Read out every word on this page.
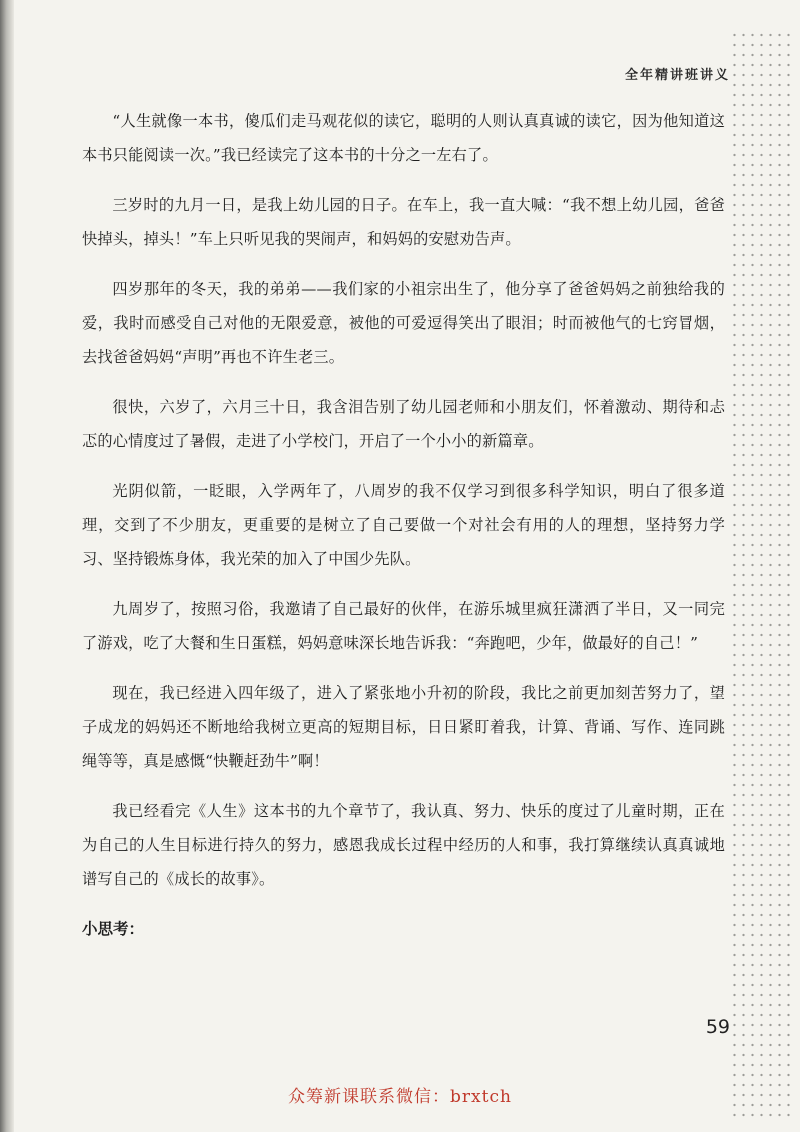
全年精讲班讲义

“人生就像一本书，傻瓜们走马观花似的读它，聪明的人则认真真诚的读它，因为他知道这本书只能阅读一次。”我已经读完了这本书的十分之一左右了。

三岁时的九月一日，是我上幼儿园的日子。在车上，我一直大喊：“我不想上幼儿园，爸爸快掉头，掉头！”车上只听见我的哭闹声，和妈妈的安慰劝告声。

四岁那年的冬天，我的弟弟——我们家的小祖宗出生了，他分享了爸爸妈妈之前独给我的爱，我时而感受自己对他的无限爱意，被他的可爱逗得笑出了眼泪；时而被他气的七窍冒烟，去找爸爸妈妈“声明”再也不许生老三。

很快，六岁了，六月三十日，我含泪告别了幼儿园老师和小朋友们，怀着激动、期待和忐忑的心情度过了暑假，走进了小学校门，开启了一个小小的新篇章。

光阴似箭，一眨眼，入学两年了，八周岁的我不仅学习到很多科学知识，明白了很多道理，交到了不少朋友，更重要的是树立了自己要做一个对社会有用的人的理想，坚持努力学习、坚持锻炼身体，我光荣的加入了中国少先队。

九周岁了，按照习俗，我邀请了自己最好的伙伴，在游乐城里疯狂潇洒了半日，又一同完了游戏，吃了大餐和生日蛋糕，妈妈意味深长地告诉我：“奔跑吧，少年，做最好的自己！”

现在，我已经进入四年级了，进入了紧张地小升初的阶段，我比之前更加刻苦努力了，望子成龙的妈妈还不断地给我树立更高的短期目标，日日紧盯着我，计算、背诵、写作、连同跳绳等等，真是感慨“快鞭赶劲牛”啊！

我已经看完《人生》这本书的九个章节了，我认真、努力、快乐的度过了儿童时期，正在为自己的人生目标进行持久的努力，感恩我成长过程中经历的人和事，我打算继续认真真诚地谱写自己的《成长的故事》。

小思考：
59
众筹新课联系微信：brxtch
